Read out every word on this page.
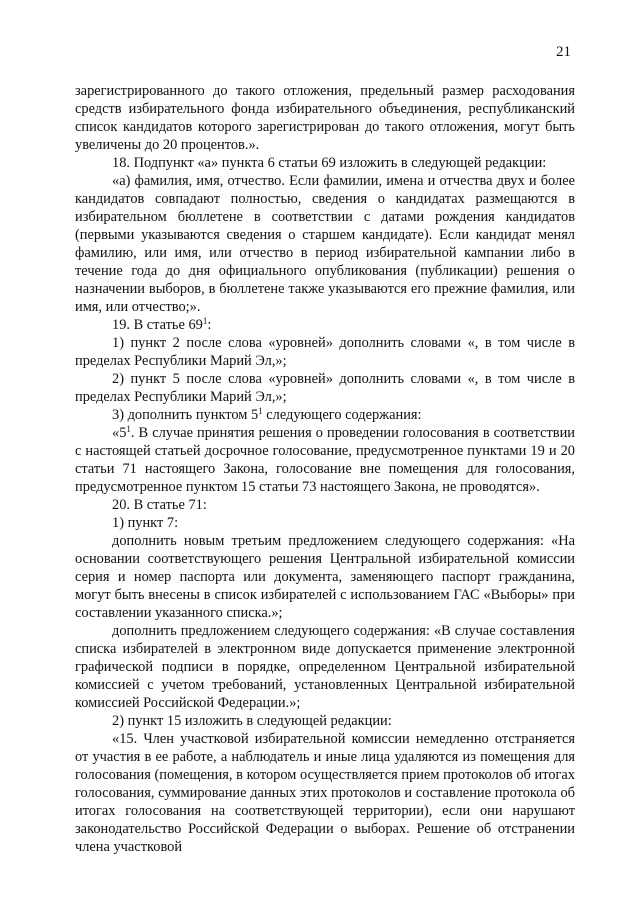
21

зарегистрированного до такого отложения, предельный размер расходования средств избирательного фонда избирательного объединения, республиканский список кандидатов которого зарегистрирован до такого отложения, могут быть увеличены до 20 процентов.».

18. Подпункт «а» пункта 6 статьи 69 изложить в следующей редакции:

«а) фамилия, имя, отчество. Если фамилии, имена и отчества двух и более кандидатов совпадают полностью, сведения о кандидатах размещаются в избирательном бюллетене в соответствии с датами рождения кандидатов (первыми указываются сведения о старшем кандидате). Если кандидат менял фамилию, или имя, или отчество в период избирательной кампании либо в течение года до дня официального опубликования (публикации) решения о назначении выборов, в бюллетене также указываются его прежние фамилия, или имя, или отчество;».

19. В статье $69^1$:

1) пункт 2 после слова «уровней» дополнить словами «, в том числе в пределах Республики Марий Эл,»;

2) пункт 5 после слова «уровней» дополнить словами «, в том числе в пределах Республики Марий Эл,»;

3) дополнить пунктом $5^1$ следующего содержания:

«$5^1$. В случае принятия решения о проведении голосования в соответствии с настоящей статьей досрочное голосование, предусмотренное пунктами 19 и 20 статьи 71 настоящего Закона, голосование вне помещения для голосования, предусмотренное пунктом 15 статьи 73 настоящего Закона, не проводятся».

20. В статье 71:

1) пункт 7:

дополнить новым третьим предложением следующего содержания: «На основании соответствующего решения Центральной избирательной комиссии серия и номер паспорта или документа, заменяющего паспорт гражданина, могут быть внесены в список избирателей с использованием ГАС «Выборы» при составлении указанного списка.»;

дополнить предложением следующего содержания: «В случае составления списка избирателей в электронном виде допускается применение электронной графической подписи в порядке, определенном Центральной избирательной комиссией с учетом требований, установленных Центральной избирательной комиссией Российской Федерации.»;

2) пункт 15 изложить в следующей редакции:

«15. Член участковой избирательной комиссии немедленно отстраняется от участия в ее работе, а наблюдатель и иные лица удаляются из помещения для голосования (помещения, в котором осуществляется прием протоколов об итогах голосования, суммирование данных этих протоколов и составление протокола об итогах голосования на соответствующей территории), если они нарушают законодательство Российской Федерации о выборах. Решение об отстранении члена участковой
